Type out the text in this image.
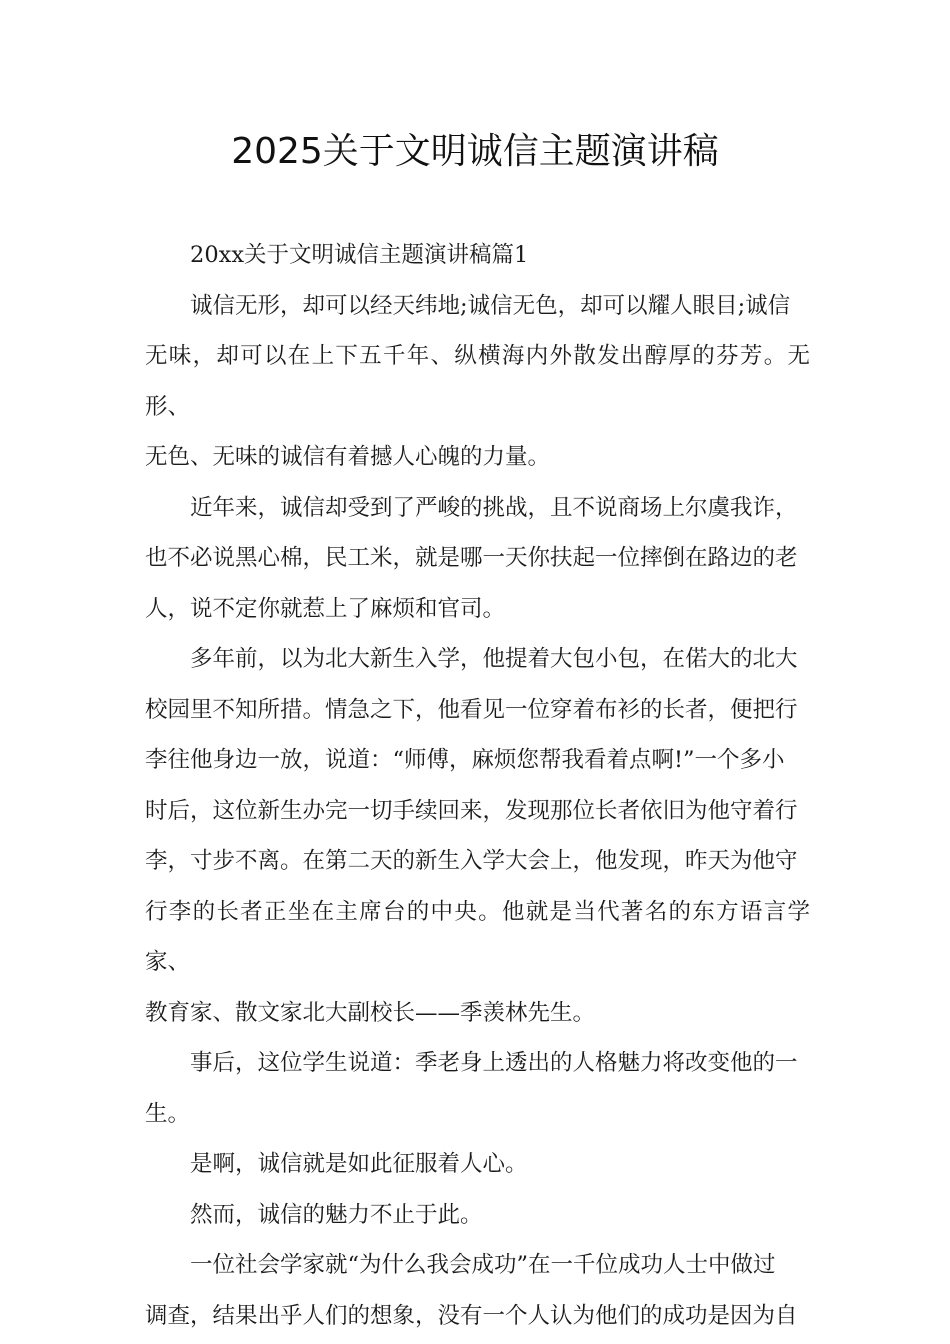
2025关于文明诚信主题演讲稿

20xx关于文明诚信主题演讲稿篇1

诚信无形，却可以经天纬地;诚信无色，却可以耀人眼目;诚信
无味，却可以在上下五千年、纵横海内外散发出醇厚的芬芳。无形、
无色、无味的诚信有着撼人心魄的力量。

近年来，诚信却受到了严峻的挑战，且不说商场上尔虞我诈，
也不必说黑心棉，民工米，就是哪一天你扶起一位摔倒在路边的老
人，说不定你就惹上了麻烦和官司。

多年前，以为北大新生入学，他提着大包小包，在偌大的北大
校园里不知所措。情急之下，他看见一位穿着布衫的长者，便把行
李往他身边一放，说道：“师傅，麻烦您帮我看着点啊!”一个多小
时后，这位新生办完一切手续回来，发现那位长者依旧为他守着行
李，寸步不离。在第二天的新生入学大会上，他发现，昨天为他守
行李的长者正坐在主席台的中央。他就是当代著名的东方语言学家、
教育家、散文家北大副校长——季羡林先生。

事后，这位学生说道：季老身上透出的人格魅力将改变他的一
生。

是啊，诚信就是如此征服着人心。

然而，诚信的魅力不止于此。

一位社会学家就“为什么我会成功”在一千位成功人士中做过
调查，结果出乎人们的想象，没有一个人认为他们的成功是因为自
